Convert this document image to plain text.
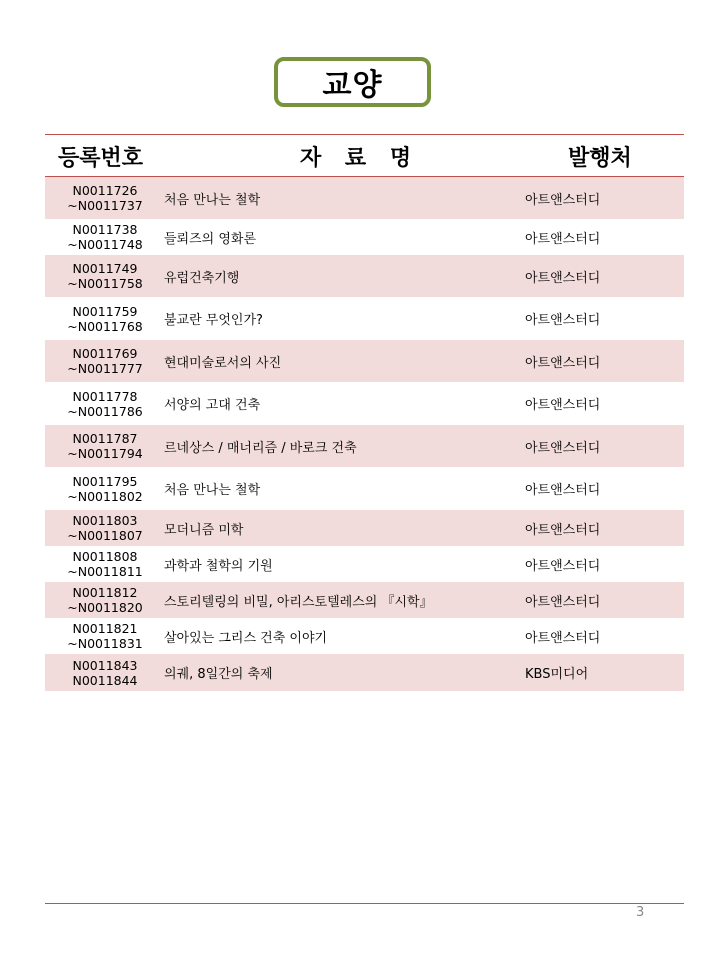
교양
등록번호	자 료 명	발행처
N0011726
~N0011737 처음 만나는 철학	아트앤스터디
N0011738
~N0011748 들뢰즈의 영화론	아트앤스터디
N0011749
~N0011758 유럽건축기행	아트앤스터디
N0011759
~N0011768 불교란 무엇인가?	아트앤스터디
N0011769
~N0011777 현대미술로서의 사진	아트앤스터디
N0011778
~N0011786 서양의 고대 건축	아트앤스터디
N0011787
~N0011794 르네상스 / 매너리즘 / 바로크 건축	아트앤스터디
N0011795
~N0011802 처음 만나는 철학	아트앤스터디
N0011803
~N0011807 모더니즘 미학	아트앤스터디
N0011808
~N0011811 과학과 철학의 기원	아트앤스터디
N0011812
~N0011820 스토리텔링의 비밀, 아리스토텔레스의 『시학』	아트앤스터디
N0011821
~N0011831 살아있는 그리스 건축 이야기	아트앤스터디
N0011843
N0011844 의궤, 8일간의 축제	KBS미디어
3
